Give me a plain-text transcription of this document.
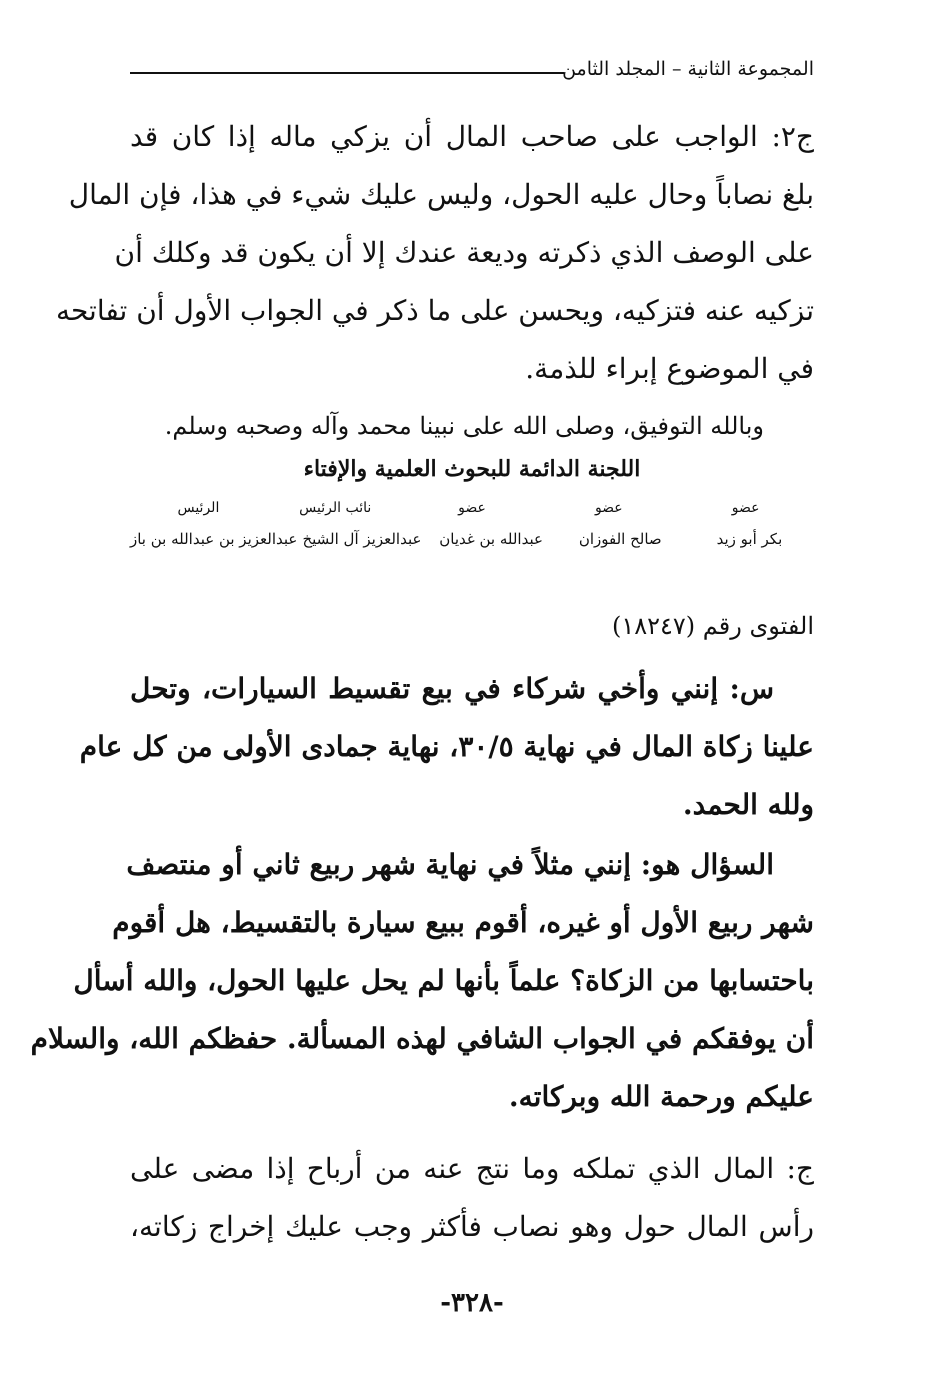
المجموعة الثانية – المجلد الثامن
ج٢: الواجب على صاحب المال أن يزكي ماله إذا كان قد
بلغ نصاباً وحال عليه الحول، وليس عليك شيء في هذا، فإن المال
على الوصف الذي ذكرته وديعة عندك إلا أن يكون قد وكلك أن
تزكيه عنه فتزكيه، ويحسن على ما ذكر في الجواب الأول أن تفاتحه
في الموضوع إبراء للذمة.
وبالله التوفيق، وصلى الله على نبينا محمد وآله وصحبه وسلم.
اللجنة الدائمة للبحوث العلمية والإفتاء
عضو
عضو
عضو
نائب الرئيس
الرئيس
بكر أبو زيد
صالح الفوزان
عبدالله بن غديان
عبدالعزيز آل الشيخ
عبدالعزيز بن عبدالله بن باز
الفتوى رقم (١٨٢٤٧)
س: إنني وأخي شركاء في بيع تقسيط السيارات، وتحل
علينا زكاة المال في نهاية ٣٠/٥، نهاية جمادى الأولى من كل عام
ولله الحمد.
السؤال هو: إنني مثلاً في نهاية شهر ربيع ثاني أو منتصف
شهر ربيع الأول أو غيره، أقوم ببيع سيارة بالتقسيط، هل أقوم
باحتسابها من الزكاة؟ علماً بأنها لم يحل عليها الحول، والله أسأل
أن يوفقكم في الجواب الشافي لهذه المسألة. حفظكم الله، والسلام
عليكم ورحمة الله وبركاته.
ج: المال الذي تملكه وما نتج عنه من أرباح إذا مضى على
رأس المال حول وهو نصاب فأكثر وجب عليك إخراج زكاته،
-٣٢٨-
